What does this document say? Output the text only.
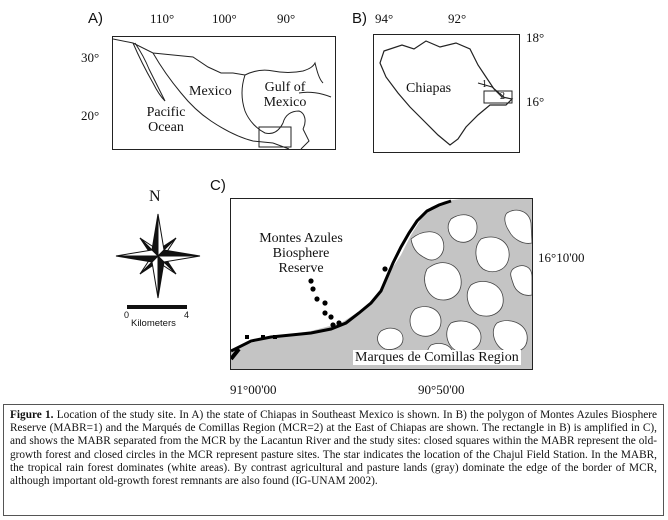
A)	110°	100°	90°
30°
20°
Mexico	Gulf of Mexico
Pacific Ocean
B) 94°	92°
18°
16°
Chiapas	1
2
N
0	4
Kilometers
C)
16°10'00
91°00'00	90°50'00
Montes Azules Biosphere Reserve
Marques de Comillas Region
Figure 1. Location of the study site. In A) the state of Chiapas in Southeast Mexico is shown. In B) the polygon of Montes Azules Biosphere Reserve (MABR=1) and the Marqués de Comillas Region (MCR=2) at the East of Chiapas are shown. The rectangle in B) is amplified in C), and shows the MABR separated from the MCR by the Lacantun River and the study sites: closed squares within the MABR represent the old-growth forest and closed circles in the MCR represent pasture sites. The star indicates the location of the Chajul Field Station. In the MABR, the tropical rain forest dominates (white areas). By contrast agricultural and pasture lands (gray) dominate the edge of the border of MCR, although important old-growth forest remnants are also found (IG-UNAM 2002).
